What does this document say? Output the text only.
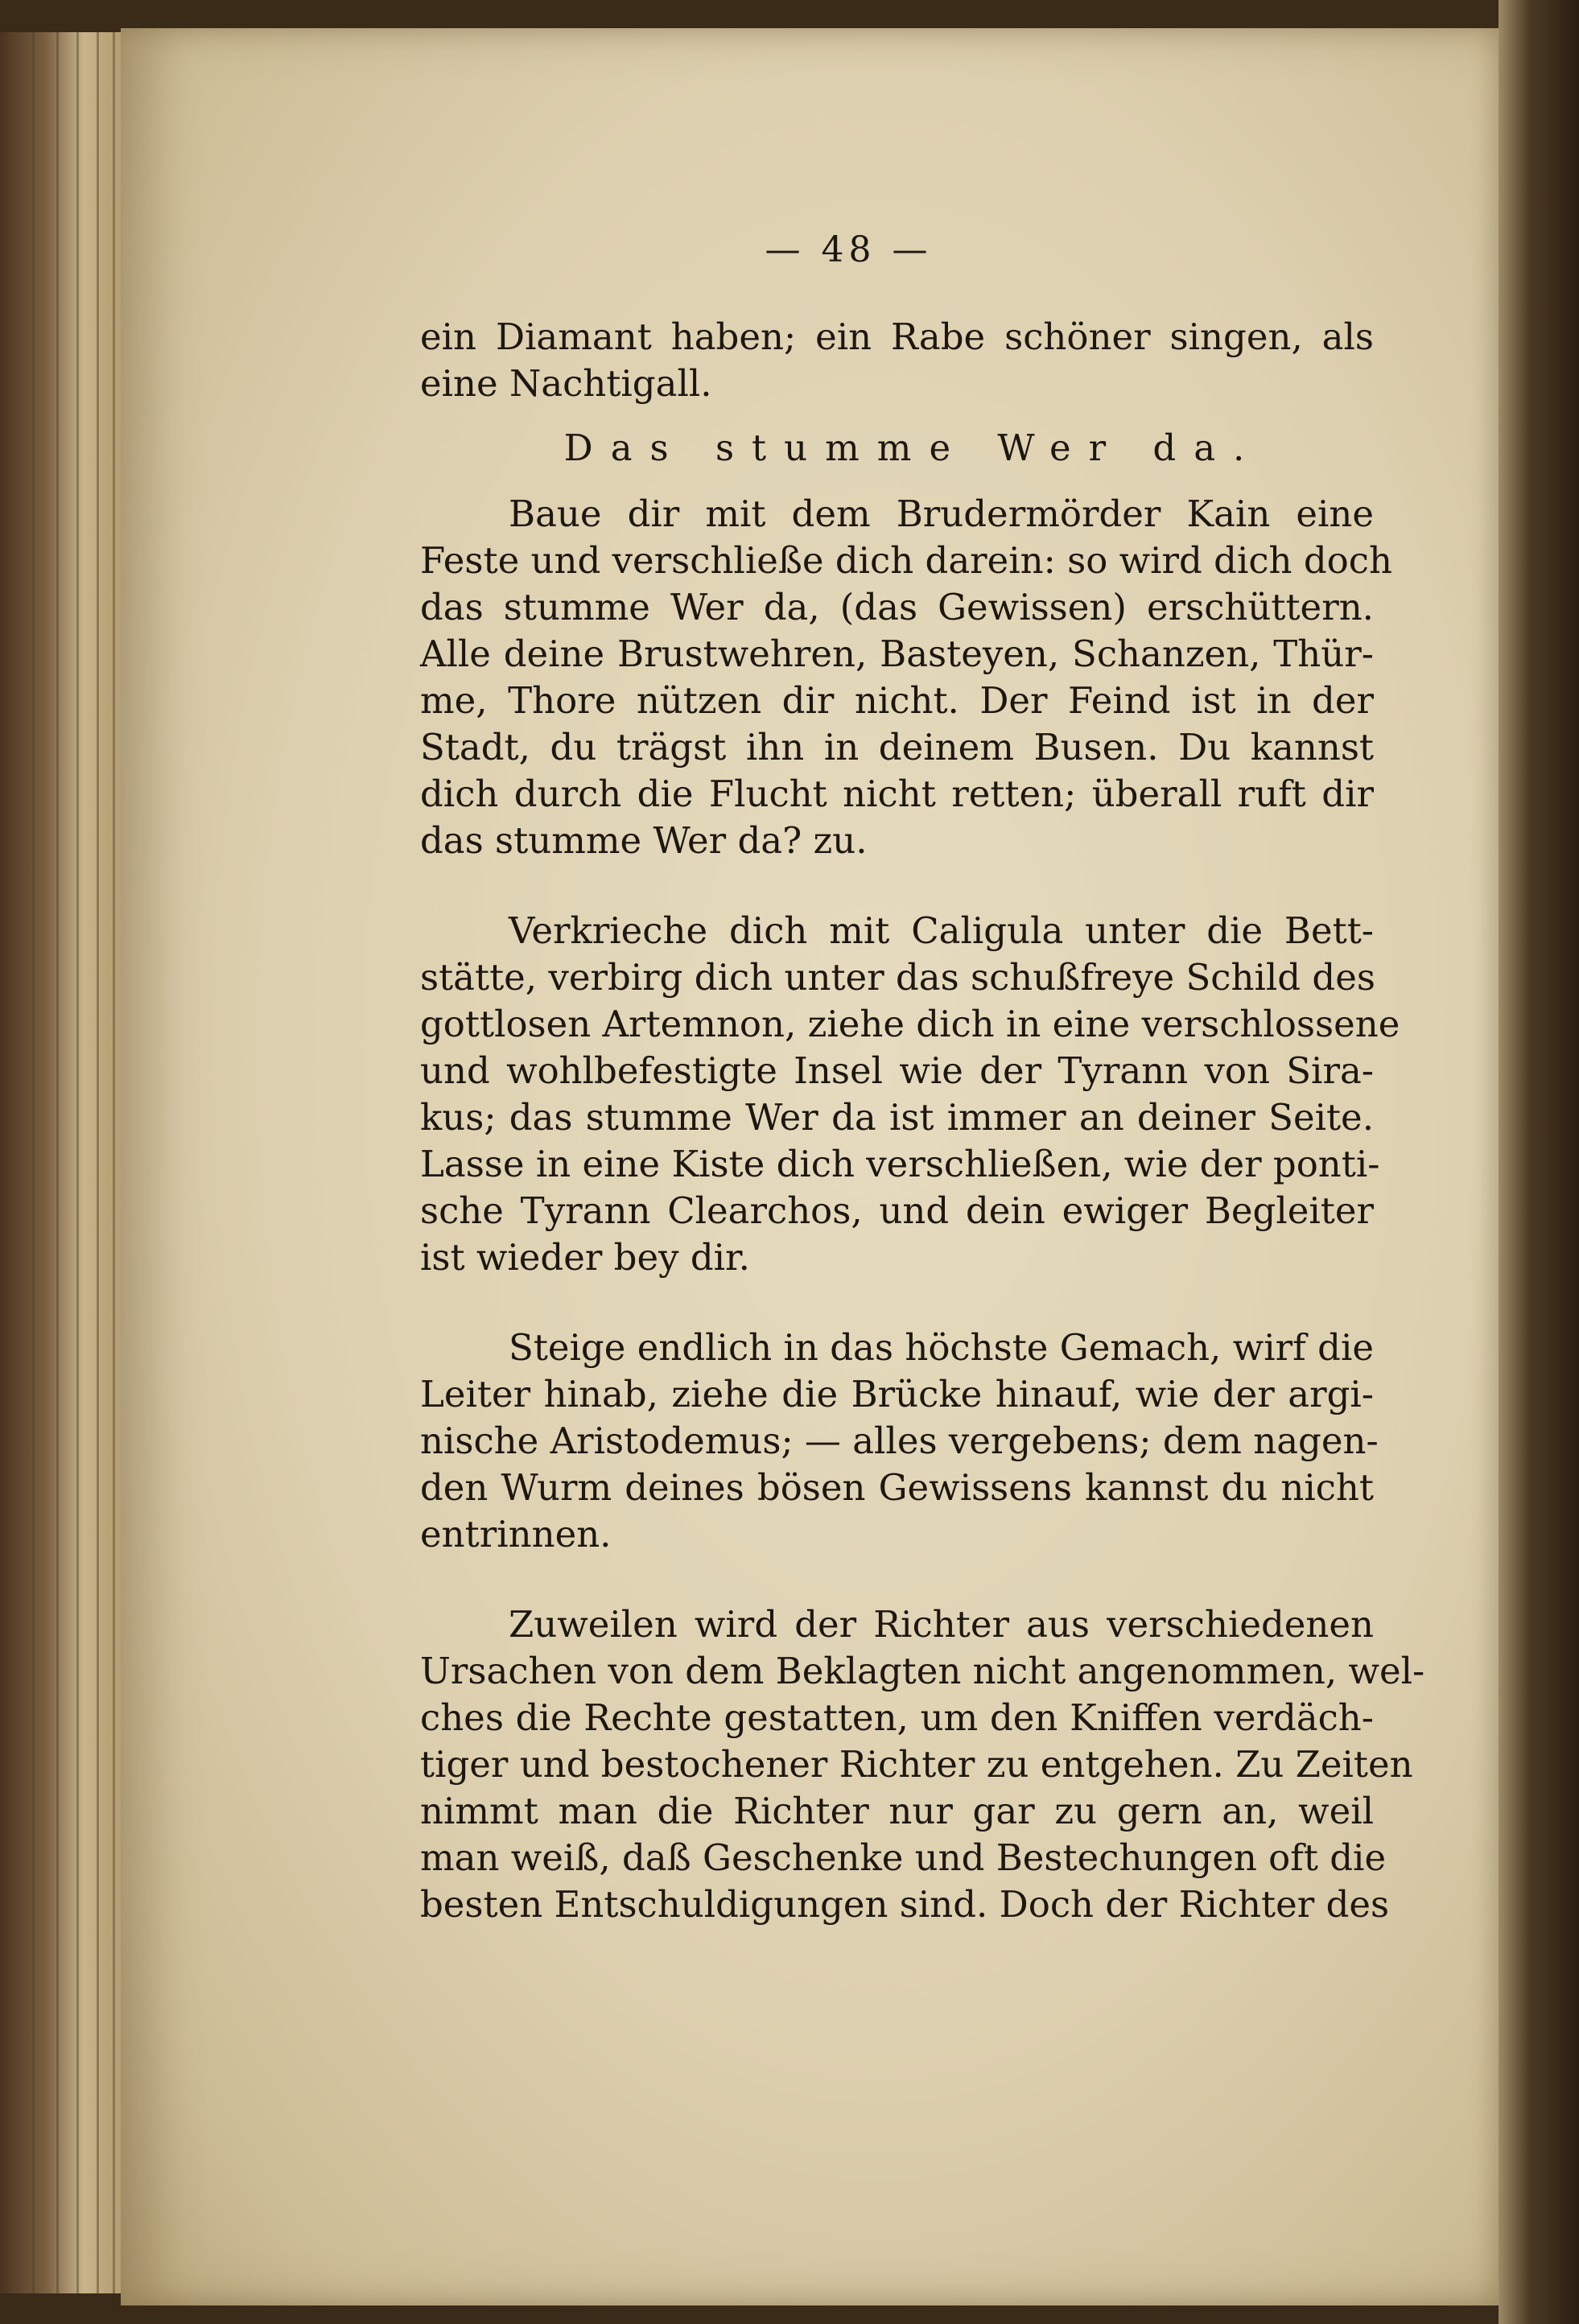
— 48 —
ein Diamant haben; ein Rabe schöner singen, als
eine Nachtigall.
Das stumme Wer da.
Baue dir mit dem Brudermörder Kain eine
Feste und verschließe dich darein: so wird dich doch
das stumme Wer da, (das Gewissen) erschüttern.
Alle deine Brustwehren, Basteyen, Schanzen, Thür-
me, Thore nützen dir nicht. Der Feind ist in der
Stadt, du trägst ihn in deinem Busen. Du kannst
dich durch die Flucht nicht retten; überall ruft dir
das stumme Wer da? zu.
Verkrieche dich mit Caligula unter die Bett-
stätte, verbirg dich unter das schußfreye Schild des
gottlosen Artemnon, ziehe dich in eine verschlossene
und wohlbefestigte Insel wie der Tyrann von Sira-
kus; das stumme Wer da ist immer an deiner Seite.
Lasse in eine Kiste dich verschließen, wie der ponti-
sche Tyrann Clearchos, und dein ewiger Begleiter
ist wieder bey dir.
Steige endlich in das höchste Gemach, wirf die
Leiter hinab, ziehe die Brücke hinauf, wie der argi-
nische Aristodemus; — alles vergebens; dem nagen-
den Wurm deines bösen Gewissens kannst du nicht
entrinnen.
Zuweilen wird der Richter aus verschiedenen
Ursachen von dem Beklagten nicht angenommen, wel-
ches die Rechte gestatten, um den Kniffen verdäch-
tiger und bestochener Richter zu entgehen. Zu Zeiten
nimmt man die Richter nur gar zu gern an, weil
man weiß, daß Geschenke und Bestechungen oft die
besten Entschuldigungen sind. Doch der Richter des
